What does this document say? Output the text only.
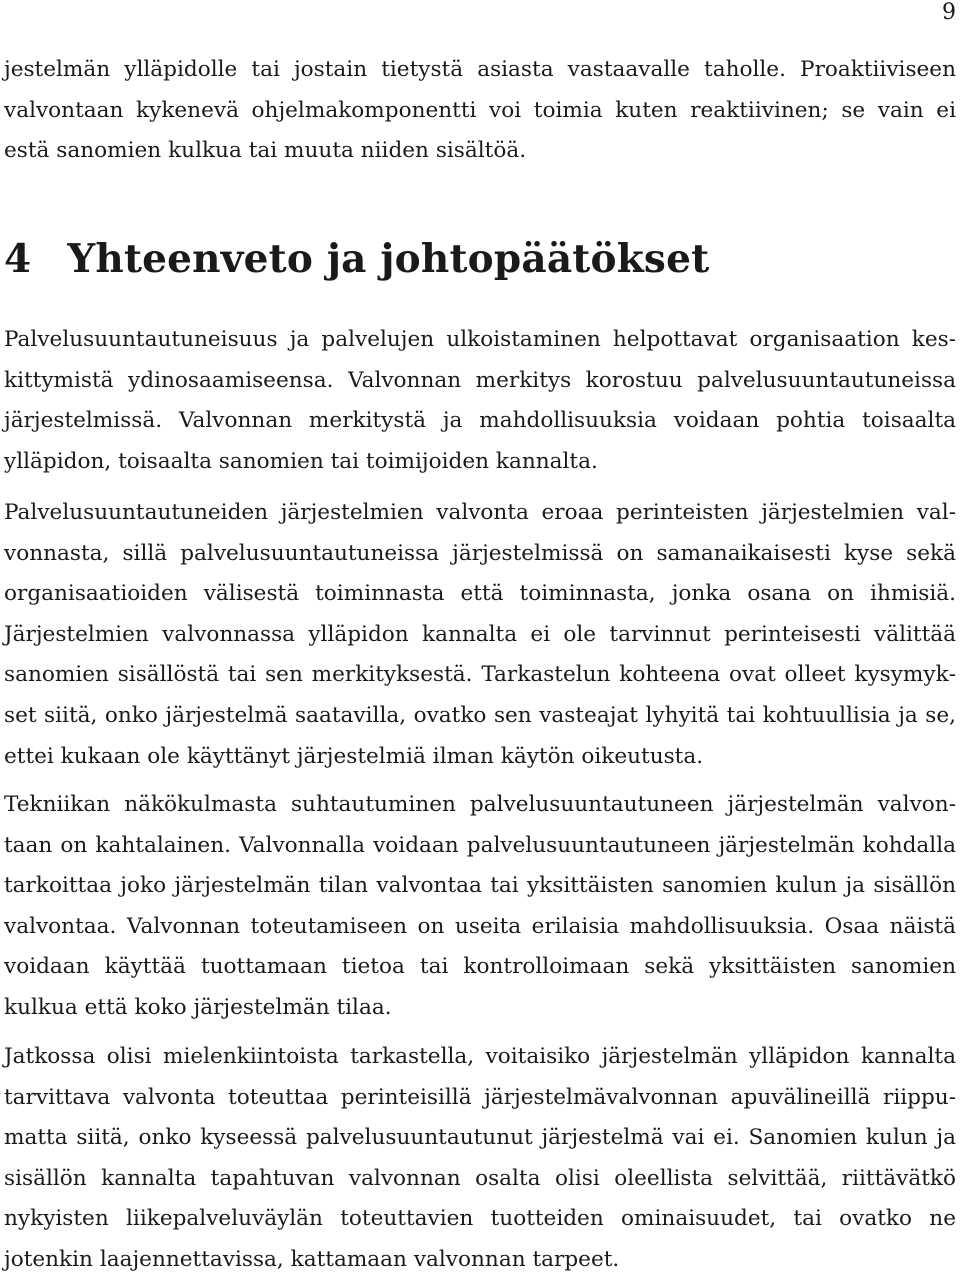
9

jestelmän ylläpidolle tai jostain tietystä asiasta vastaavalle taholle. Proaktiiviseen valvontaan kykenevä ohjelmakomponentti voi toimia kuten reaktiivinen; se vain ei estä sanomien kulkua tai muuta niiden sisältöä.

4 Yhteenveto ja johtopäätökset

Palvelusuuntautuneisuus ja palvelujen ulkoistaminen helpottavat organisaation keskittymistä ydinosaamiseensa. Valvonnan merkitys korostuu palvelusuuntautuneissa järjestelmissä. Valvonnan merkitystä ja mahdollisuuksia voidaan pohtia toisaalta ylläpidon, toisaalta sanomien tai toimijoiden kannalta.

Palvelusuuntautuneiden järjestelmien valvonta eroaa perinteisten järjestelmien valvonnasta, sillä palvelusuuntautuneissa järjestelmissä on samanaikaisesti kyse sekä organisaatioiden välisestä toiminnasta että toiminnasta, jonka osana on ihmisiä. Järjestelmien valvonnassa ylläpidon kannalta ei ole tarvinnut perinteisesti välittää sanomien sisällöstä tai sen merkityksestä. Tarkastelun kohteena ovat olleet kysymykset siitä, onko järjestelmä saatavilla, ovatko sen vasteajat lyhyitä tai kohtuullisia ja se, ettei kukaan ole käyttänyt järjestelmiä ilman käytön oikeutusta.

Tekniikan näkökulmasta suhtautuminen palvelusuuntautuneen järjestelmän valvontaan on kahtalainen. Valvonnalla voidaan palvelusuuntautuneen järjestelmän kohdalla tarkoittaa joko järjestelmän tilan valvontaa tai yksittäisten sanomien kulun ja sisällön valvontaa. Valvonnan toteutamiseen on useita erilaisia mahdollisuuksia. Osaa näistä voidaan käyttää tuottamaan tietoa tai kontrolloimaan sekä yksittäisten sanomien kulkua että koko järjestelmän tilaa.

Jatkossa olisi mielenkiintoista tarkastella, voitaisiko järjestelmän ylläpidon kannalta tarvittava valvonta toteuttaa perinteisillä järjestelmävalvonnan apuvälineillä riippumatta siitä, onko kyseessä palvelusuuntautunut järjestelmä vai ei. Sanomien kulun ja sisällön kannalta tapahtuvan valvonnan osalta olisi oleellista selvittää, riittävätkö nykyisten liikepalveluväylän toteuttavien tuotteiden ominaisuudet, tai ovatko ne jotenkin laajennettavissa, kattamaan valvonnan tarpeet.
